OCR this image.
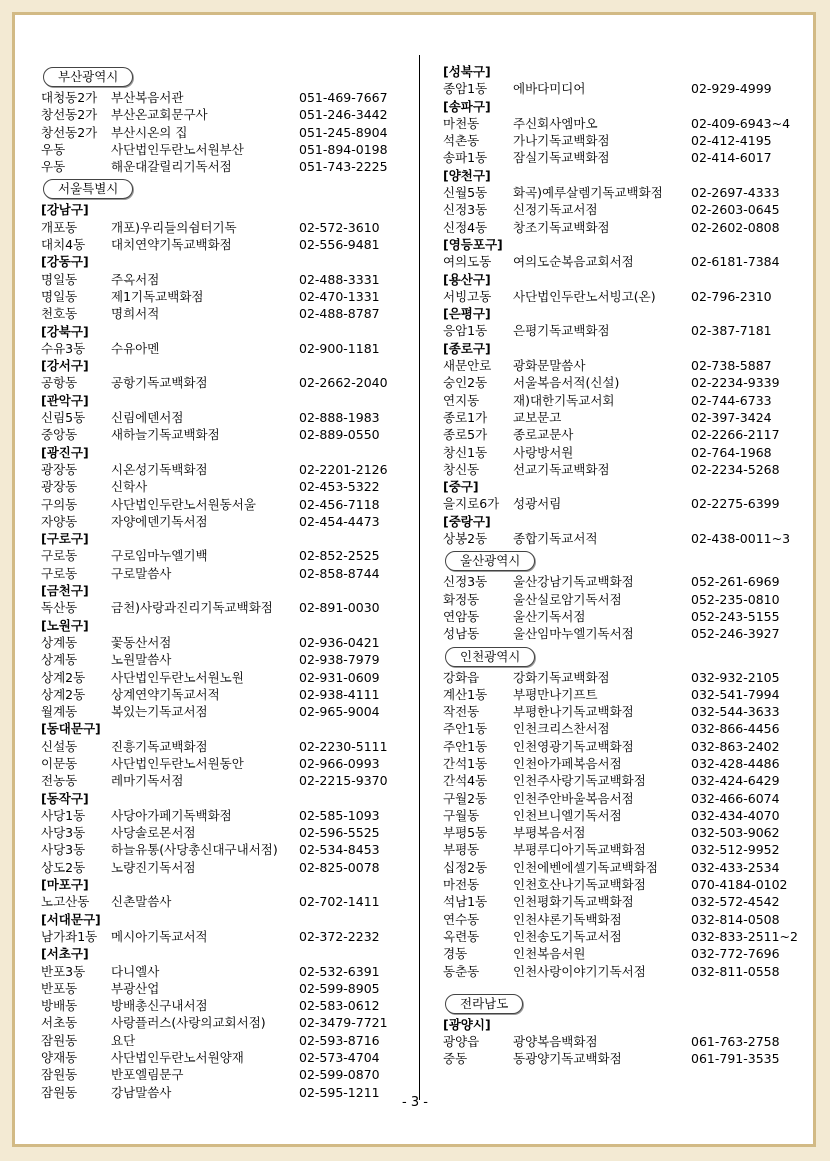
부산광역시
대청동2가	부산복음서관	051-469-7667
창선동2가	부산온교회문구사	051-246-3442
창선동2가	부산시온의 집	051-245-8904
우동	사단법인두란노서원부산	051-894-0198
우동	해운대갈릴리기독서점	051-743-2225
서울특별시
[강남구]
개포동	개포)우리들의쉼터기독	02-572-3610
대치4동	대치연약기독교백화점	02-556-9481
[강동구]
명일동	주옥서점	02-488-3331
명일동	제1기독교백화점	02-470-1331
천호동	명희서적	02-488-8787
[강북구]
수유3동	수유아멘	02-900-1181
[강서구]
공항동	공항기독교백화점	02-2662-2040
[관악구]
신림5동	신림에덴서점	02-888-1983
중앙동	새하늘기독교백화점	02-889-0550
[광진구]
광장동	시온성기독백화점	02-2201-2126
광장동	신학사	02-453-5322
구의동	사단법인두란노서원동서울	02-456-7118
자양동	자양에덴기독서점	02-454-4473
[구로구]
구로동	구로임마누엘기백	02-852-2525
구로동	구로말씀사	02-858-8744
[금천구]
독산동	금천)사랑과진리기독교백화점	02-891-0030
[노원구]
상계동	꽃동산서점	02-936-0421
상계동	노원말씀사	02-938-7979
상계2동	사단법인두란노서원노원	02-931-0609
상계2동	상계연약기독교서적	02-938-4111
월계동	복있는기독교서점	02-965-9004
[동대문구]
신설동	진흥기독교백화점	02-2230-5111
이문동	사단법인두란노서원동안	02-966-0993
전농동	레마기독서점	02-2215-9370
[동작구]
사당1동	사당아가페기독백화점	02-585-1093
사당3동	사당솔로몬서점	02-596-5525
사당3동	하늘유통(사당총신대구내서점)	02-534-8453
상도2동	노량진기독서점	02-825-0078
[마포구]
노고산동	신촌말씀사	02-702-1411
[서대문구]
남가좌1동	메시아기독교서적	02-372-2232
[서초구]
반포3동	다니엘사	02-532-6391
반포동	부광산업	02-599-8905
방배동	방배총신구내서점	02-583-0612
서초동	사랑플러스(사랑의교회서점)	02-3479-7721
잠원동	요단	02-593-8716
양재동	사단법인두란노서원양재	02-573-4704
잠원동	반포엘림문구	02-599-0870
잠원동	강남말씀사	02-595-1211
[성북구]
종암1동	에바다미디어	02-929-4999
[송파구]
마천동	주신회사엠마오	02-409-6943~4
석촌동	가나기독교백화점	02-412-4195
송파1동	잠실기독교백화점	02-414-6017
[양천구]
신월5동	화곡)예루살렘기독교백화점	02-2697-4333
신정3동	신정기독교서점	02-2603-0645
신정4동	창조기독교백화점	02-2602-0808
[영등포구]
여의도동	여의도순복음교회서점	02-6181-7384
[용산구]
서빙고동	사단법인두란노서빙고(온)	02-796-2310
[은평구]
응암1동	은평기독교백화점	02-387-7181
[종로구]
새문안로	광화문말씀사	02-738-5887
숭인2동	서울복음서적(신설)	02-2234-9339
연지동	재)대한기독교서회	02-744-6733
종로1가	교보문고	02-397-3424
종로5가	종로교문사	02-2266-2117
창신1동	사랑방서원	02-764-1968
창신동	선교기독교백화점	02-2234-5268
[중구]
을지로6가	성광서림	02-2275-6399
[중랑구]
상봉2동	종합기독교서적	02-438-0011~3
울산광역시
신정3동	울산강남기독교백화점	052-261-6969
화정동	울산실로암기독서점	052-235-0810
연암동	울산기독서점	052-243-5155
성남동	울산임마누엘기독서점	052-246-3927
인천광역시
강화읍	강화기독교백화점	032-932-2105
계산1동	부평만나기프트	032-541-7994
작전동	부평한나기독교백화점	032-544-3633
주안1동	인천크리스찬서점	032-866-4456
주안1동	인천영광기독교백화점	032-863-2402
간석1동	인천아가페복음서점	032-428-4486
간석4동	인천주사랑기독교백화점	032-424-6429
구월2동	인천주안바울복음서점	032-466-6074
구월동	인천브니엘기독서점	032-434-4070
부평5동	부평복음서점	032-503-9062
부평동	부평루디아기독교백화점	032-512-9952
십정2동	인천에벤에셀기독교백화점	032-433-2534
마전동	인천호산나기독교백화점	070-4184-0102
석남1동	인천평화기독교백화점	032-572-4542
연수동	인천샤론기독백화점	032-814-0508
옥련동	인천송도기독교서점	032-833-2511~2
경동	인천복음서원	032-772-7696
동춘동	인천사랑이야기기독서점	032-811-0558
전라남도
[광양시]
광양읍	광양복음백화점	061-763-2758
중동	동광양기독교백화점	061-791-3535
- 3 -
